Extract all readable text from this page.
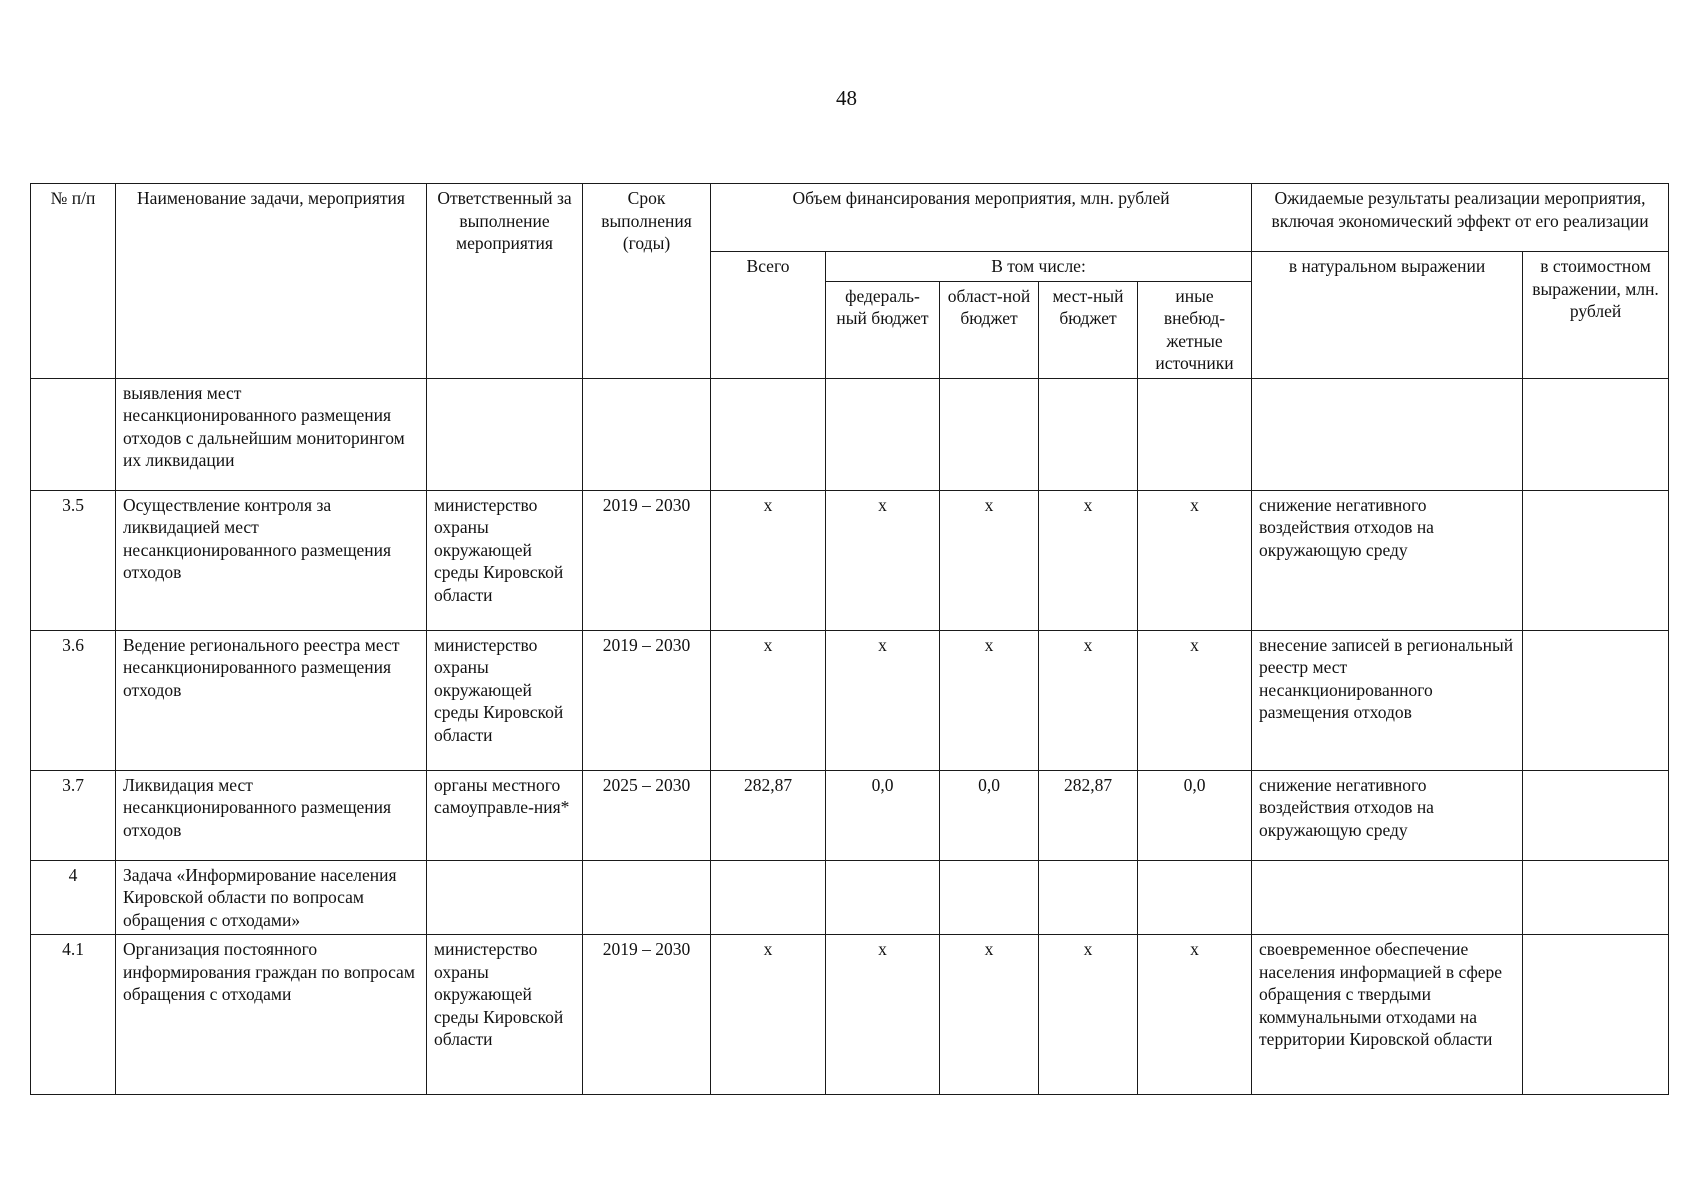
48
№ п/п	Наименование задачи, мероприятия	Ответственный за выполнение мероприятия	Срок выполнения (годы)	Объем финансирования мероприятия, млн. рублей					Ожидаемые результаты реализации мероприятия, включая экономический эффект от его реализации	
				Всего	В том числе:				в натуральном выражении	в стоимостном выражении, млн. рублей
					федераль-ный бюджет	област-ной бюджет	мест-ный бюджет	иные внебюд-жетные источники		
	выявления мест несанкционированного размещения отходов с дальнейшим мониторингом их ликвидации									
3.5	Осуществление контроля за ликвидацией мест несанкционированного размещения отходов	министерство охраны окружающей среды Кировской области	2019 – 2030	x	x	x	x	x	снижение негативного воздействия отходов на окружающую среду	
3.6	Ведение регионального реестра мест несанкционированного размещения отходов	министерство охраны окружающей среды Кировской области	2019 – 2030	x	x	x	x	x	внесение записей в региональный реестр мест несанкционированного размещения отходов	
3.7	Ликвидация мест несанкционированного размещения отходов	органы местного самоуправле-ния*	2025 – 2030	282,87	0,0	0,0	282,87	0,0	снижение негативного воздействия отходов на окружающую среду	
4	Задача «Информирование населения Кировской области по вопросам обращения с отходами»									
4.1	Организация постоянного информирования граждан по вопросам обращения с отходами	министерство охраны окружающей среды Кировской области	2019 – 2030	x	x	x	x	x	своевременное обеспечение населения информацией в сфере обращения с твердыми коммунальными отходами на территории Кировской области	
